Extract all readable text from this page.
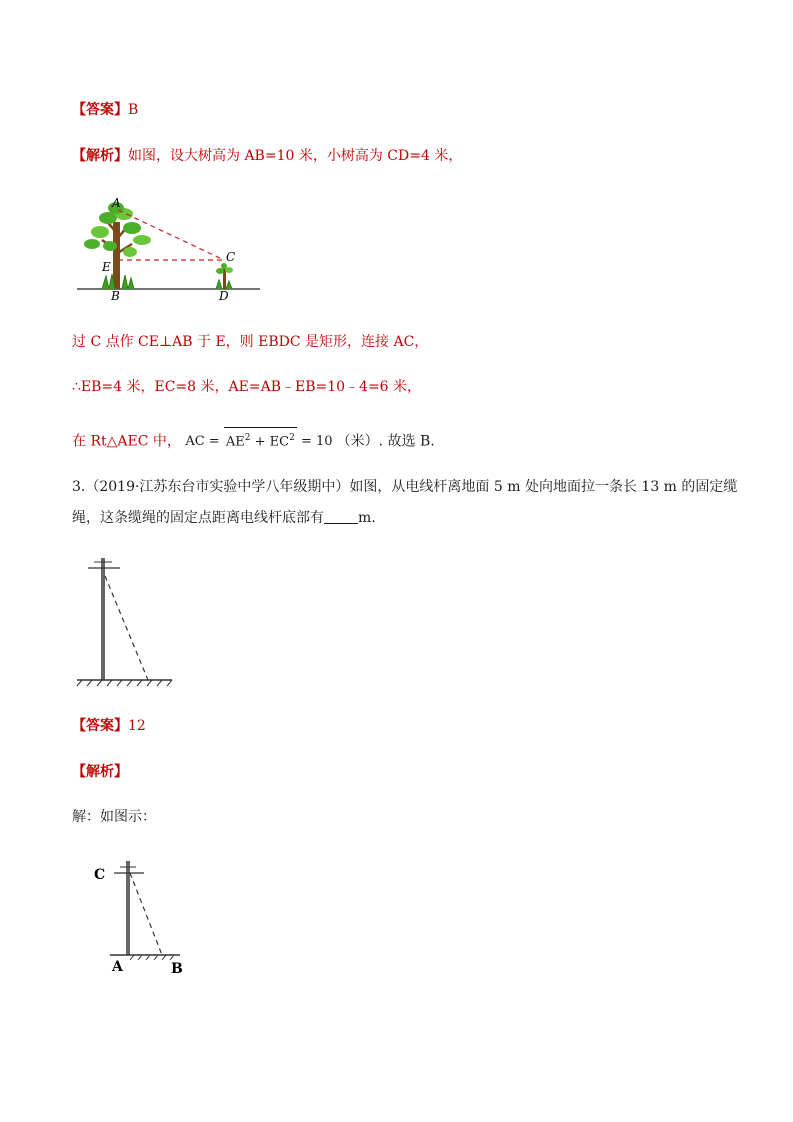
【答案】B
【解析】如图，设大树高为 AB=10 米，小树高为 CD=4 米，
A
C
E
B	D
过 C 点作 CE⊥AB 于 E，则 EBDC 是矩形，连接 AC，
∴EB=4 米，EC=8 米，AE=AB﹣EB=10﹣4=6 米，
在 Rt△AEC 中， AC = $AE^2 + EC^2 = 10$ （米）. 故选 B.
3.（2019·江苏东台市实验中学八年级期中）如图，从电线杆离地面 5 m 处向地面拉一条长 13 m 的固定缆
绳，这条缆绳的固定点距离电线杆底部有 m.
【答案】12
【解析】
解：如图示：
C
A	B
